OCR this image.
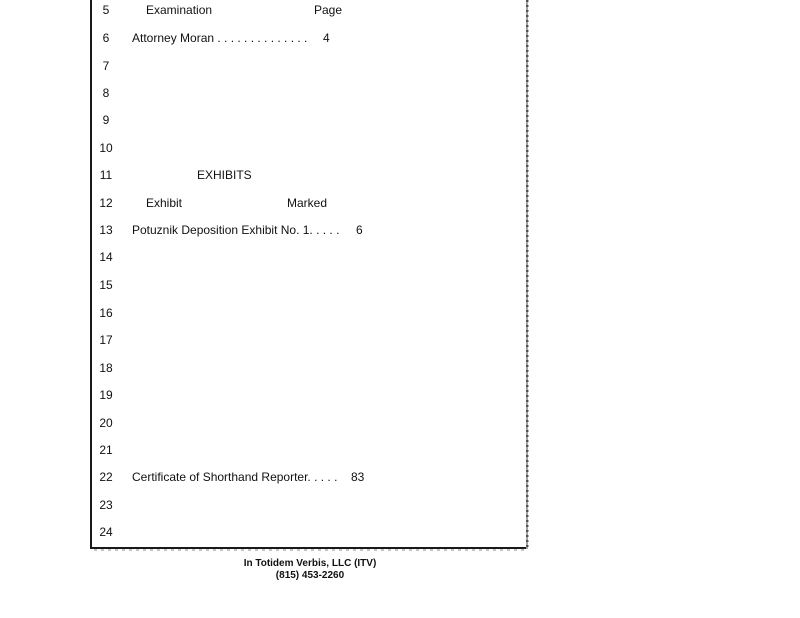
5	Examination	Page
6	Attorney Moran . . . . . . . . . . . . . . 4
7
8
9
10
11	EXHIBITS
12	Exhibit	Marked
13 Potuznik Deposition Exhibit No. 1. . . . . 6
14
15
16
17
18
19
20
21
22 Certificate of Shorthand Reporter. . . . . 83
23
24
In Totidem Verbis, LLC (ITV)
(815) 453-2260
